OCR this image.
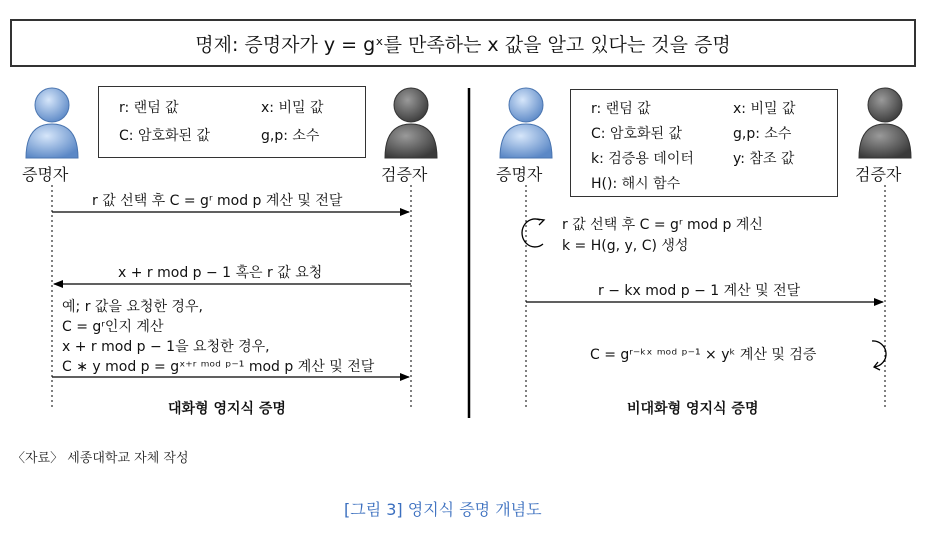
명제: 증명자가 y = gˣ를 만족하는 x 값을 알고 있다는 것을 증명
r: 랜덤 값	x: 비밀 값
C: 암호화된 값	g,p: 소수
r: 랜덤 값	x: 비밀 값
C: 암호화된 값	g,p: 소수
k: 검증용 데이터	y: 참조 값
H(): 해시 함수
증명자	검증자	증명자	검증자
r 값 선택 후 C = gʳ mod p 계산 및 전달
x + r mod p − 1 혹은 r 값 요청
예; r 값을 요청한 경우,
C = gʳ인지 계산
x + r mod p − 1을 요청한 경우,
C ∗ y mod p = gˣ⁺ʳ ᵐᵒᵈ ᵖ⁻¹ mod p 계산 및 전달
대화형 영지식 증명
r 값 선택 후 C = gʳ mod p 계신
k = H(g, y, C) 생성
r − kx mod p − 1 계산 및 전달
C = gʳ⁻ᵏˣ ᵐᵒᵈ ᵖ⁻¹ × yᵏ 계산 및 검증
비대화형 영지식 증명
〈자료〉 세종대학교 자체 작성
[그림 3] 영지식 증명 개념도
